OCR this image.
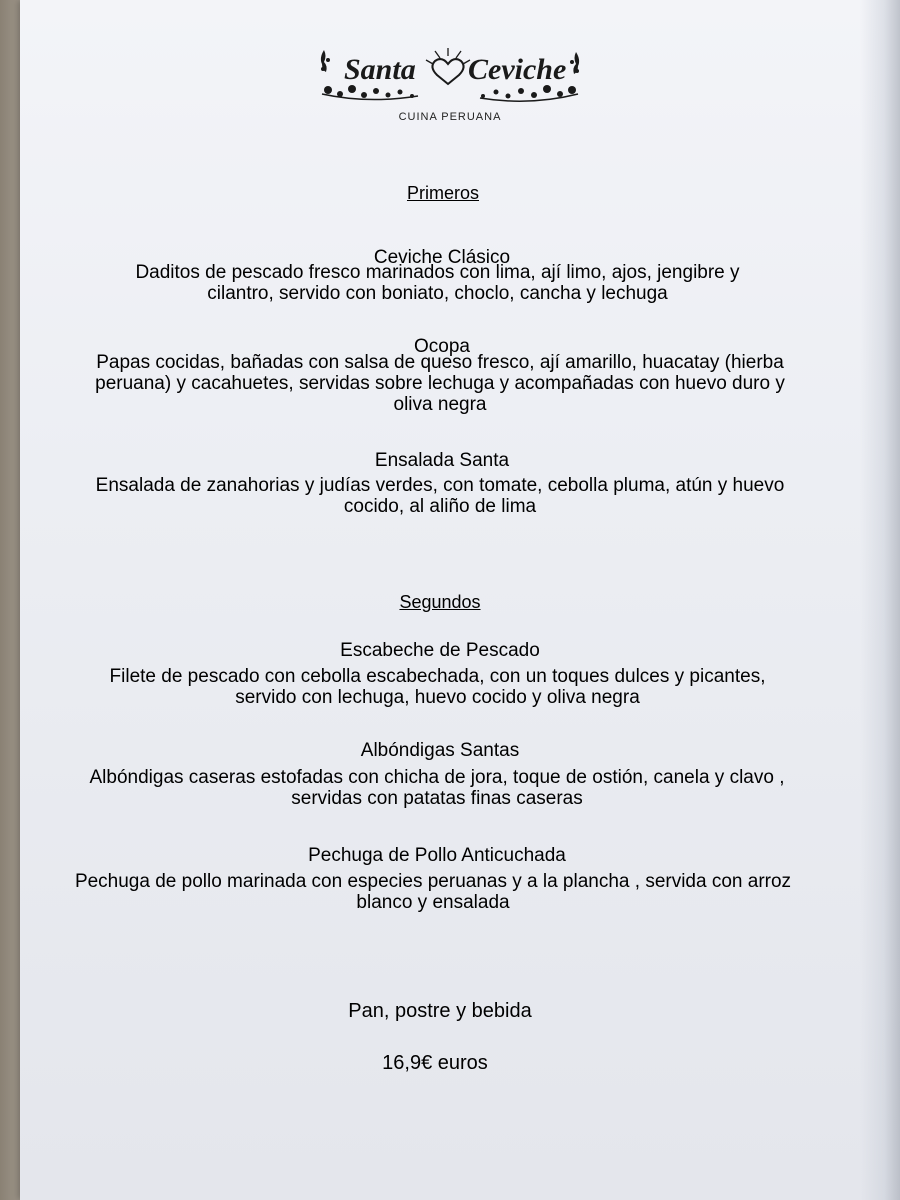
Santa Ceviche
CUINA PERUANA
Primeros
Ceviche Clásico
Daditos de pescado fresco marinados con lima, ají limo, ajos, jengibre y cilantro, servido con boniato, choclo, cancha y lechuga
Ocopa
Papas cocidas, bañadas con salsa de queso fresco, ají amarillo, huacatay (hierba peruana) y cacahuetes, servidas sobre lechuga y acompañadas con huevo duro y oliva negra
Ensalada Santa
Ensalada de zanahorias y judías verdes, con tomate, cebolla pluma, atún y huevo cocido, al aliño de lima
Segundos
Escabeche de Pescado
Filete de pescado con cebolla escabechada, con un toques dulces y picantes, servido con lechuga, huevo cocido y oliva negra
Albóndigas Santas
Albóndigas caseras estofadas con chicha de jora, toque de ostión, canela y clavo , servidas con patatas finas caseras
Pechuga de Pollo Anticuchada
Pechuga de pollo marinada con especies peruanas y a la plancha , servida con arroz blanco y ensalada
Pan, postre y bebida
16,9€ euros
